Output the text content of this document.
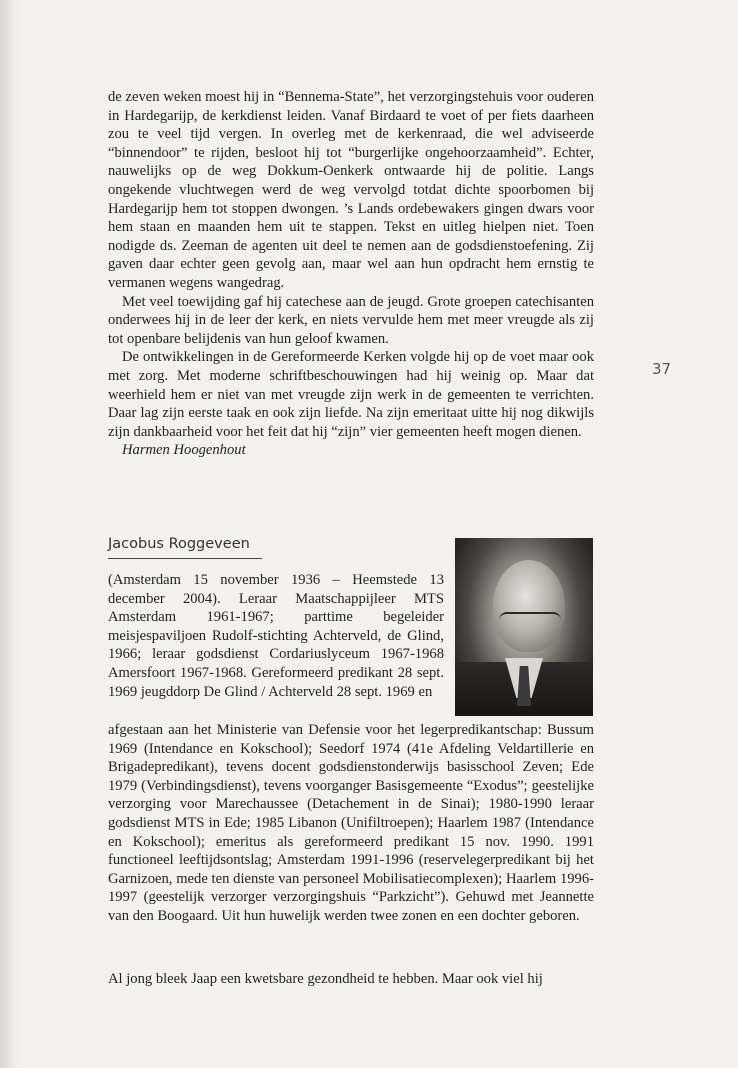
de zeven weken moest hij in “Bennema-State”, het verzorgingstehuis voor ouderen in Hardegarijp, de kerkdienst leiden. Vanaf Birdaard te voet of per fiets daarheen zou te veel tijd vergen. In overleg met de kerkenraad, die wel adviseerde “binnendoor” te rijden, besloot hij tot “burgerlijke ongehoorzaamheid”. Echter, nauwelijks op de weg Dokkum-Oenkerk ontwaarde hij de politie. Langs ongekende vluchtwegen werd de weg vervolgd totdat dichte spoorbomen bij Hardegarijp hem tot stoppen dwongen. ’s Lands ordebewakers gingen dwars voor hem staan en maanden hem uit te stappen. Tekst en uitleg hielpen niet. Toen nodigde ds. Zeeman de agenten uit deel te nemen aan de godsdienstoefening. Zij gaven daar echter geen gevolg aan, maar wel aan hun opdracht hem ernstig te vermanen wegens wangedrag.

Met veel toewijding gaf hij catechese aan de jeugd. Grote groepen catechisanten onderwees hij in de leer der kerk, en niets vervulde hem met meer vreugde als zij tot openbare belijdenis van hun geloof kwamen.

De ontwikkelingen in de Gereformeerde Kerken volgde hij op de voet maar ook met zorg. Met moderne schriftbeschouwingen had hij weinig op. Maar dat weerhield hem er niet van met vreugde zijn werk in de gemeenten te verrichten. Daar lag zijn eerste taak en ook zijn liefde. Na zijn emeritaat uitte hij nog dikwijls zijn dankbaarheid voor het feit dat hij “zijn” vier gemeenten heeft mogen dienen.

Harmen Hoogenhout

37
Jacobus Roggeveen

(Amsterdam 15 november 1936 – Heemstede 13 december 2004). Leraar Maatschappijleer MTS Amsterdam 1961-1967; parttime begeleider meisjespaviljoen Rudolf-stichting Achterveld, de Glind, 1966; leraar godsdienst Cordariuslyceum 1967-1968 Amersfoort 1967-1968. Gereformeerd predikant 28 sept. 1969 jeugddorp De Glind / Achterveld 28 sept. 1969 en

afgestaan aan het Ministerie van Defensie voor het legerpredikantschap: Bussum 1969 (Intendance en Kokschool); Seedorf 1974 (41e Afdeling Veldartillerie en Brigadepredikant), tevens docent godsdienstonderwijs basisschool Zeven; Ede 1979 (Verbindingsdienst), tevens voorganger Basisgemeente “Exodus”; geestelijke verzorging voor Marechaussee (Detachement in de Sinai); 1980-1990 leraar godsdienst MTS in Ede; 1985 Libanon (Unifiltroepen); Haarlem 1987 (Intendance en Kokschool); emeritus als gereformeerd predikant 15 nov. 1990. 1991 functioneel leeftijdsontslag; Amsterdam 1991-1996 (reservelegerpredikant bij het Garnizoen, mede ten dienste van personeel Mobilisatiecomplexen); Haarlem 1996-1997 (geestelijk verzorger verzorgingshuis “Parkzicht”). Gehuwd met Jeannette van den Boogaard. Uit hun huwelijk werden twee zonen en een dochter geboren.

Al jong bleek Jaap een kwetsbare gezondheid te hebben. Maar ook viel hij
